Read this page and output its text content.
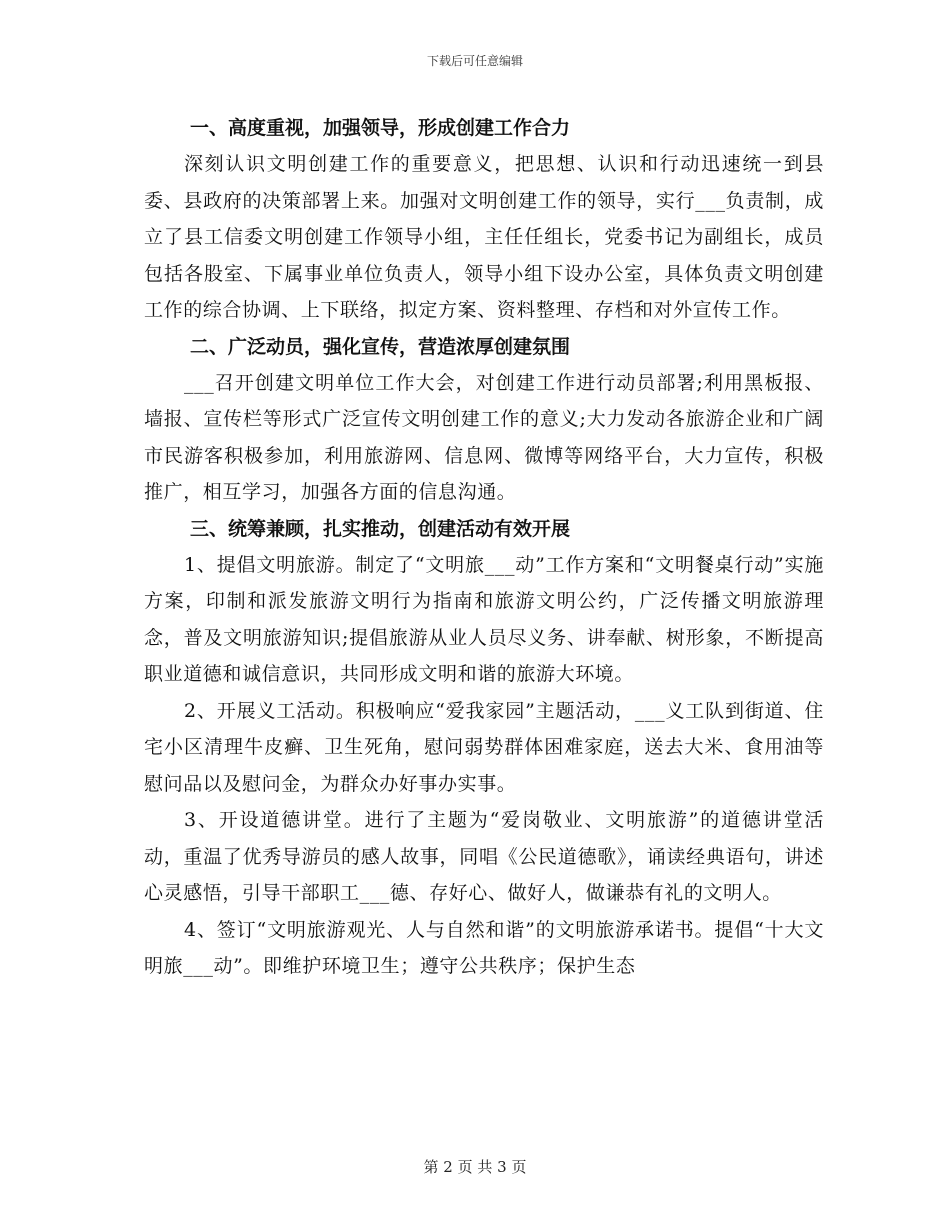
下载后可任意编辑
一、高度重视，加强领导，形成创建工作合力

深刻认识文明创建工作的重要意义，把思想、认识和行动迅速统一到县委、县政府的决策部署上来。加强对文明创建工作的领导，实行___负责制，成立了县工信委文明创建工作领导小组，主任任组长，党委书记为副组长，成员包括各股室、下属事业单位负责人，领导小组下设办公室，具体负责文明创建工作的综合协调、上下联络，拟定方案、资料整理、存档和对外宣传工作。

二、广泛动员，强化宣传，营造浓厚创建氛围

___召开创建文明单位工作大会，对创建工作进行动员部署;利用黑板报、墙报、宣传栏等形式广泛宣传文明创建工作的意义;大力发动各旅游企业和广阔市民游客积极参加，利用旅游网、信息网、微博等网络平台，大力宣传，积极推广，相互学习，加强各方面的信息沟通。

三、统筹兼顾，扎实推动，创建活动有效开展

1、提倡文明旅游。制定了“文明旅___动”工作方案和“文明餐桌行动”实施方案，印制和派发旅游文明行为指南和旅游文明公约，广泛传播文明旅游理念，普及文明旅游知识;提倡旅游从业人员尽义务、讲奉献、树形象，不断提高职业道德和诚信意识，共同形成文明和谐的旅游大环境。

2、开展义工活动。积极响应“爱我家园”主题活动，___义工队到街道、住宅小区清理牛皮癣、卫生死角，慰问弱势群体困难家庭，送去大米、食用油等慰问品以及慰问金，为群众办好事办实事。

3、开设道德讲堂。进行了主题为“爱岗敬业、文明旅游”的道德讲堂活动，重温了优秀导游员的感人故事，同唱《公民道德歌》，诵读经典语句，讲述心灵感悟，引导干部职工___德、存好心、做好人，做谦恭有礼的文明人。

4、签订“文明旅游观光、人与自然和谐”的文明旅游承诺书。提倡“十大文明旅___动”。即维护环境卫生；遵守公共秩序；保护生态

第 2 页 共 3 页
